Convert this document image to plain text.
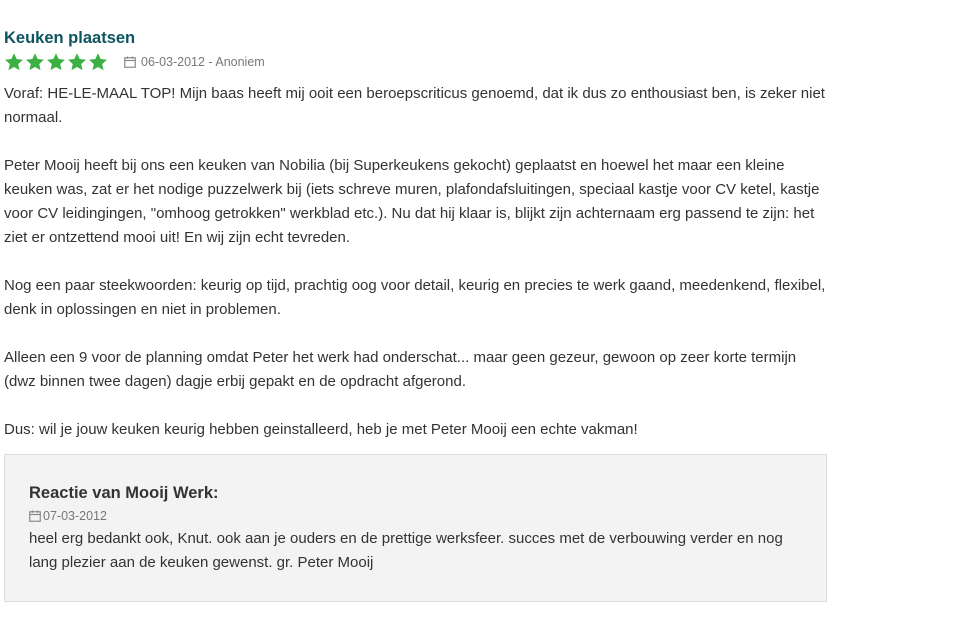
Keuken plaatsen
06-03-2012 - Anoniem

Voraf: HE-LE-MAAL TOP! Mijn baas heeft mij ooit een beroepscriticus genoemd, dat ik dus zo enthousiast ben, is zeker niet normaal.

Peter Mooij heeft bij ons een keuken van Nobilia (bij Superkeukens gekocht) geplaatst en hoewel het maar een kleine keuken was, zat er het nodige puzzelwerk bij (iets schreve muren, plafondafsluitingen, speciaal kastje voor CV ketel, kastje voor CV leidingingen, "omhoog getrokken" werkblad etc.). Nu dat hij klaar is, blijkt zijn achternaam erg passend te zijn: het ziet er ontzettend mooi uit! En wij zijn echt tevreden.

Nog een paar steekwoorden: keurig op tijd, prachtig oog voor detail, keurig en precies te werk gaand, meedenkend, flexibel, denk in oplossingen en niet in problemen.

Alleen een 9 voor de planning omdat Peter het werk had onderschat... maar geen gezeur, gewoon op zeer korte termijn (dwz binnen twee dagen) dagje erbij gepakt en de opdracht afgerond.

Dus: wil je jouw keuken keurig hebben geinstalleerd, heb je met Peter Mooij een echte vakman!

Reactie van Mooij Werk:
07-03-2012
heel erg bedankt ook, Knut. ook aan je ouders en de prettige werksfeer. succes met de verbouwing verder en nog lang plezier aan de keuken gewenst. gr. Peter Mooij
